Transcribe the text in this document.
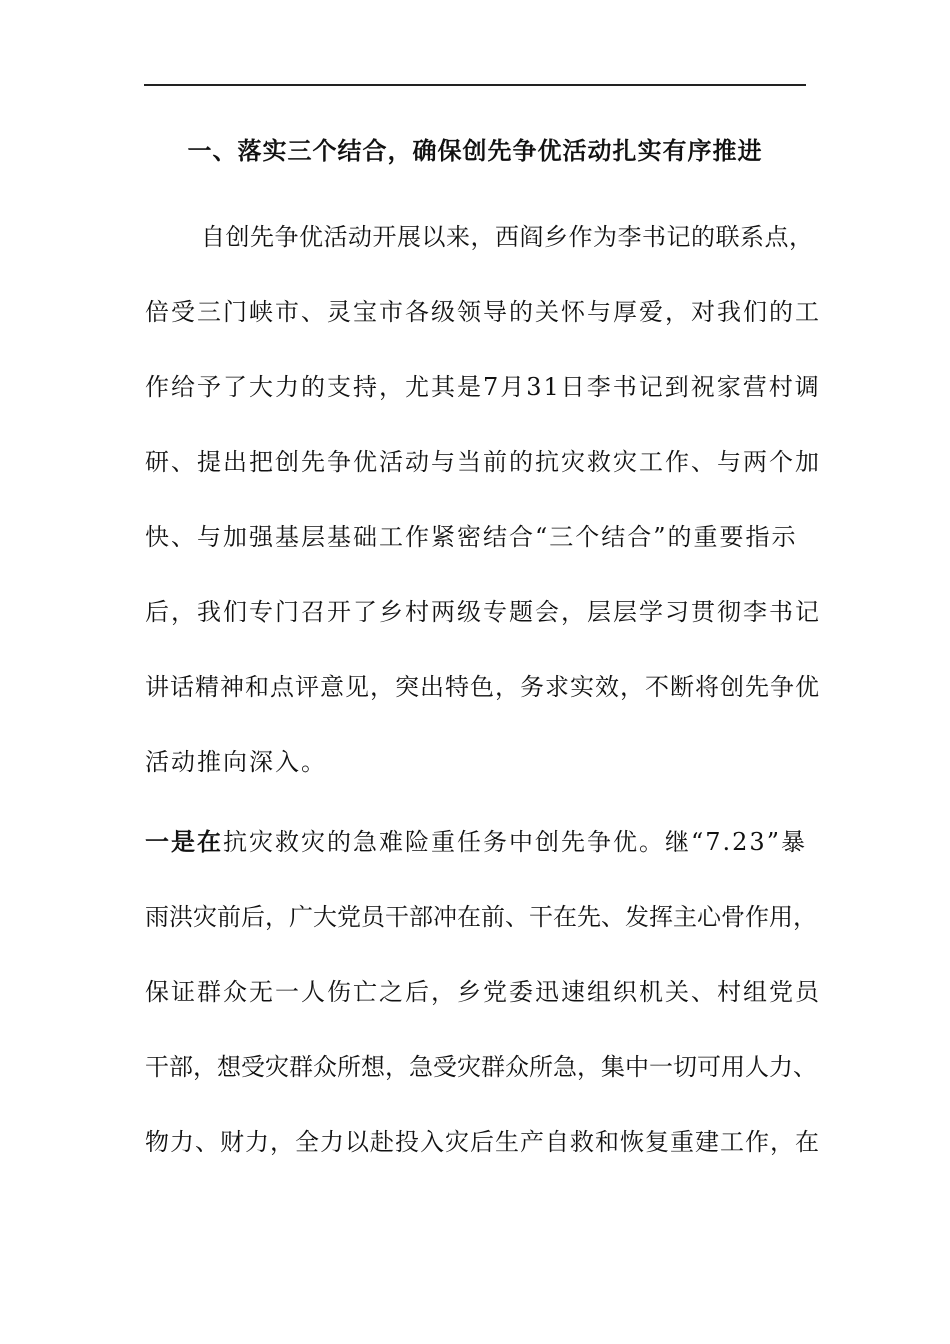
一、落实三个结合，确保创先争优活动扎实有序推进
自创先争优活动开展以来，西阎乡作为李书记的联系点，
倍受三门峡市、灵宝市各级领导的关怀与厚爱，对我们的工
作给予了大力的支持，尤其是7月31日李书记到祝家营村调
研、提出把创先争优活动与当前的抗灾救灾工作、与两个加
快、与加强基层基础工作紧密结合“三个结合”的重要指示
后，我们专门召开了乡村两级专题会，层层学习贯彻李书记
讲话精神和点评意见，突出特色，务求实效，不断将创先争优
活动推向深入。
一是在抗灾救灾的急难险重任务中创先争优。继“7.23”暴
雨洪灾前后，广大党员干部冲在前、干在先、发挥主心骨作用，
保证群众无一人伤亡之后，乡党委迅速组织机关、村组党员
干部，想受灾群众所想，急受灾群众所急，集中一切可用人力、
物力、财力，全力以赴投入灾后生产自救和恢复重建工作，在
